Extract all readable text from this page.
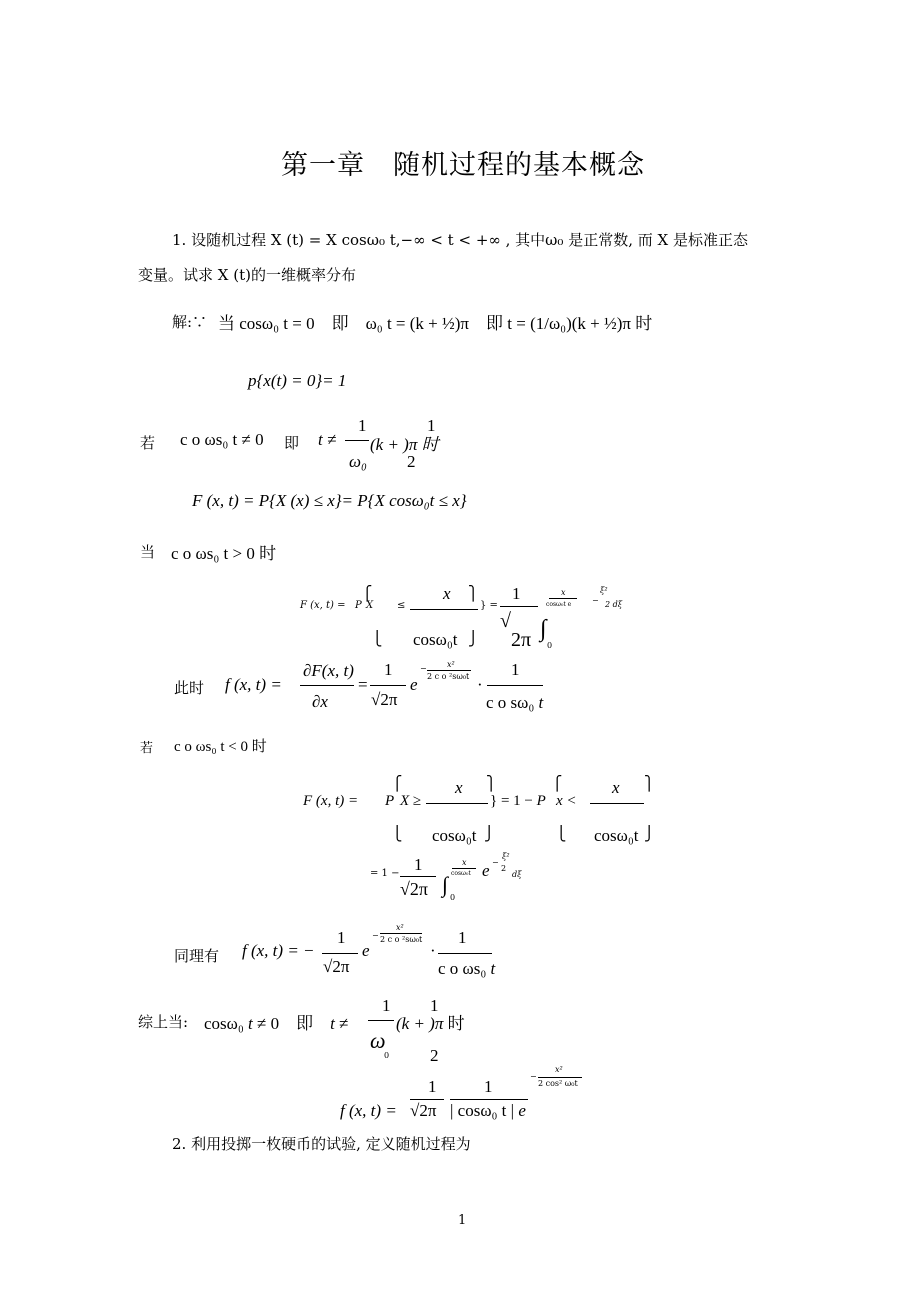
第一章　随机过程的基本概念
1. 设随机过程 X (t) = X cosω₀ t,−∞ < t < +∞ , 其中ω₀ 是正常数, 而 X 是标准正态
变量。试求 X (t)的一维概率分布
解:∵ 当 cosω₀ t = 0　即　ω₀ t = (k + ½)π　即 t = (1/ω₀)(k + ½)π 时
p{x(t) = 0}= 1
若 c o ωs₀ t ≠ 0 即 t ≠
1
ω₀
(k + )π 时
1
2
F (x, t) = P{X (x) ≤ x}= P{X cosω₀t ≤ x}
当 c o ωs₀ t > 0 时
F (x, t) = P
⎧
X ≤
x ⎫
} =
⎩ cosω₀t ⎭
1
√
2π ∫
0
x
cosω₀t e	−
ξ²
2 dξ
此时 f (x, t) =
∂F(x, t)
∂x
=
1
√2π
e
−	x²
2 c o ²sω₀t ·
1
c o sω₀ t
若 c o ωs₀ t < 0 时
F (x, t) =
⎧
P X ≥
x ⎫
} = 1 − P
⎧
x <
x ⎫
⎩ cosω₀t ⎭	⎩ cosω₀t ⎭
= 1 − 1
√2π ∫
0
x
cosω₀t e −
ξ²
2
dξ
同理有 f (x, t) = −
1
√2π
e
−
x²
2 c o ²sω₀t
·
1
c o ωs₀ t
综上当: cosω₀ t ≠ 0　即　t ≠
1
ω
0
(k + )π 时
1
2
f (x, t) =
1
√2π
1
| cosω₀ t | e
−
x²
2 cos² ω₀t
2. 利用投掷一枚硬币的试验, 定义随机过程为
1
